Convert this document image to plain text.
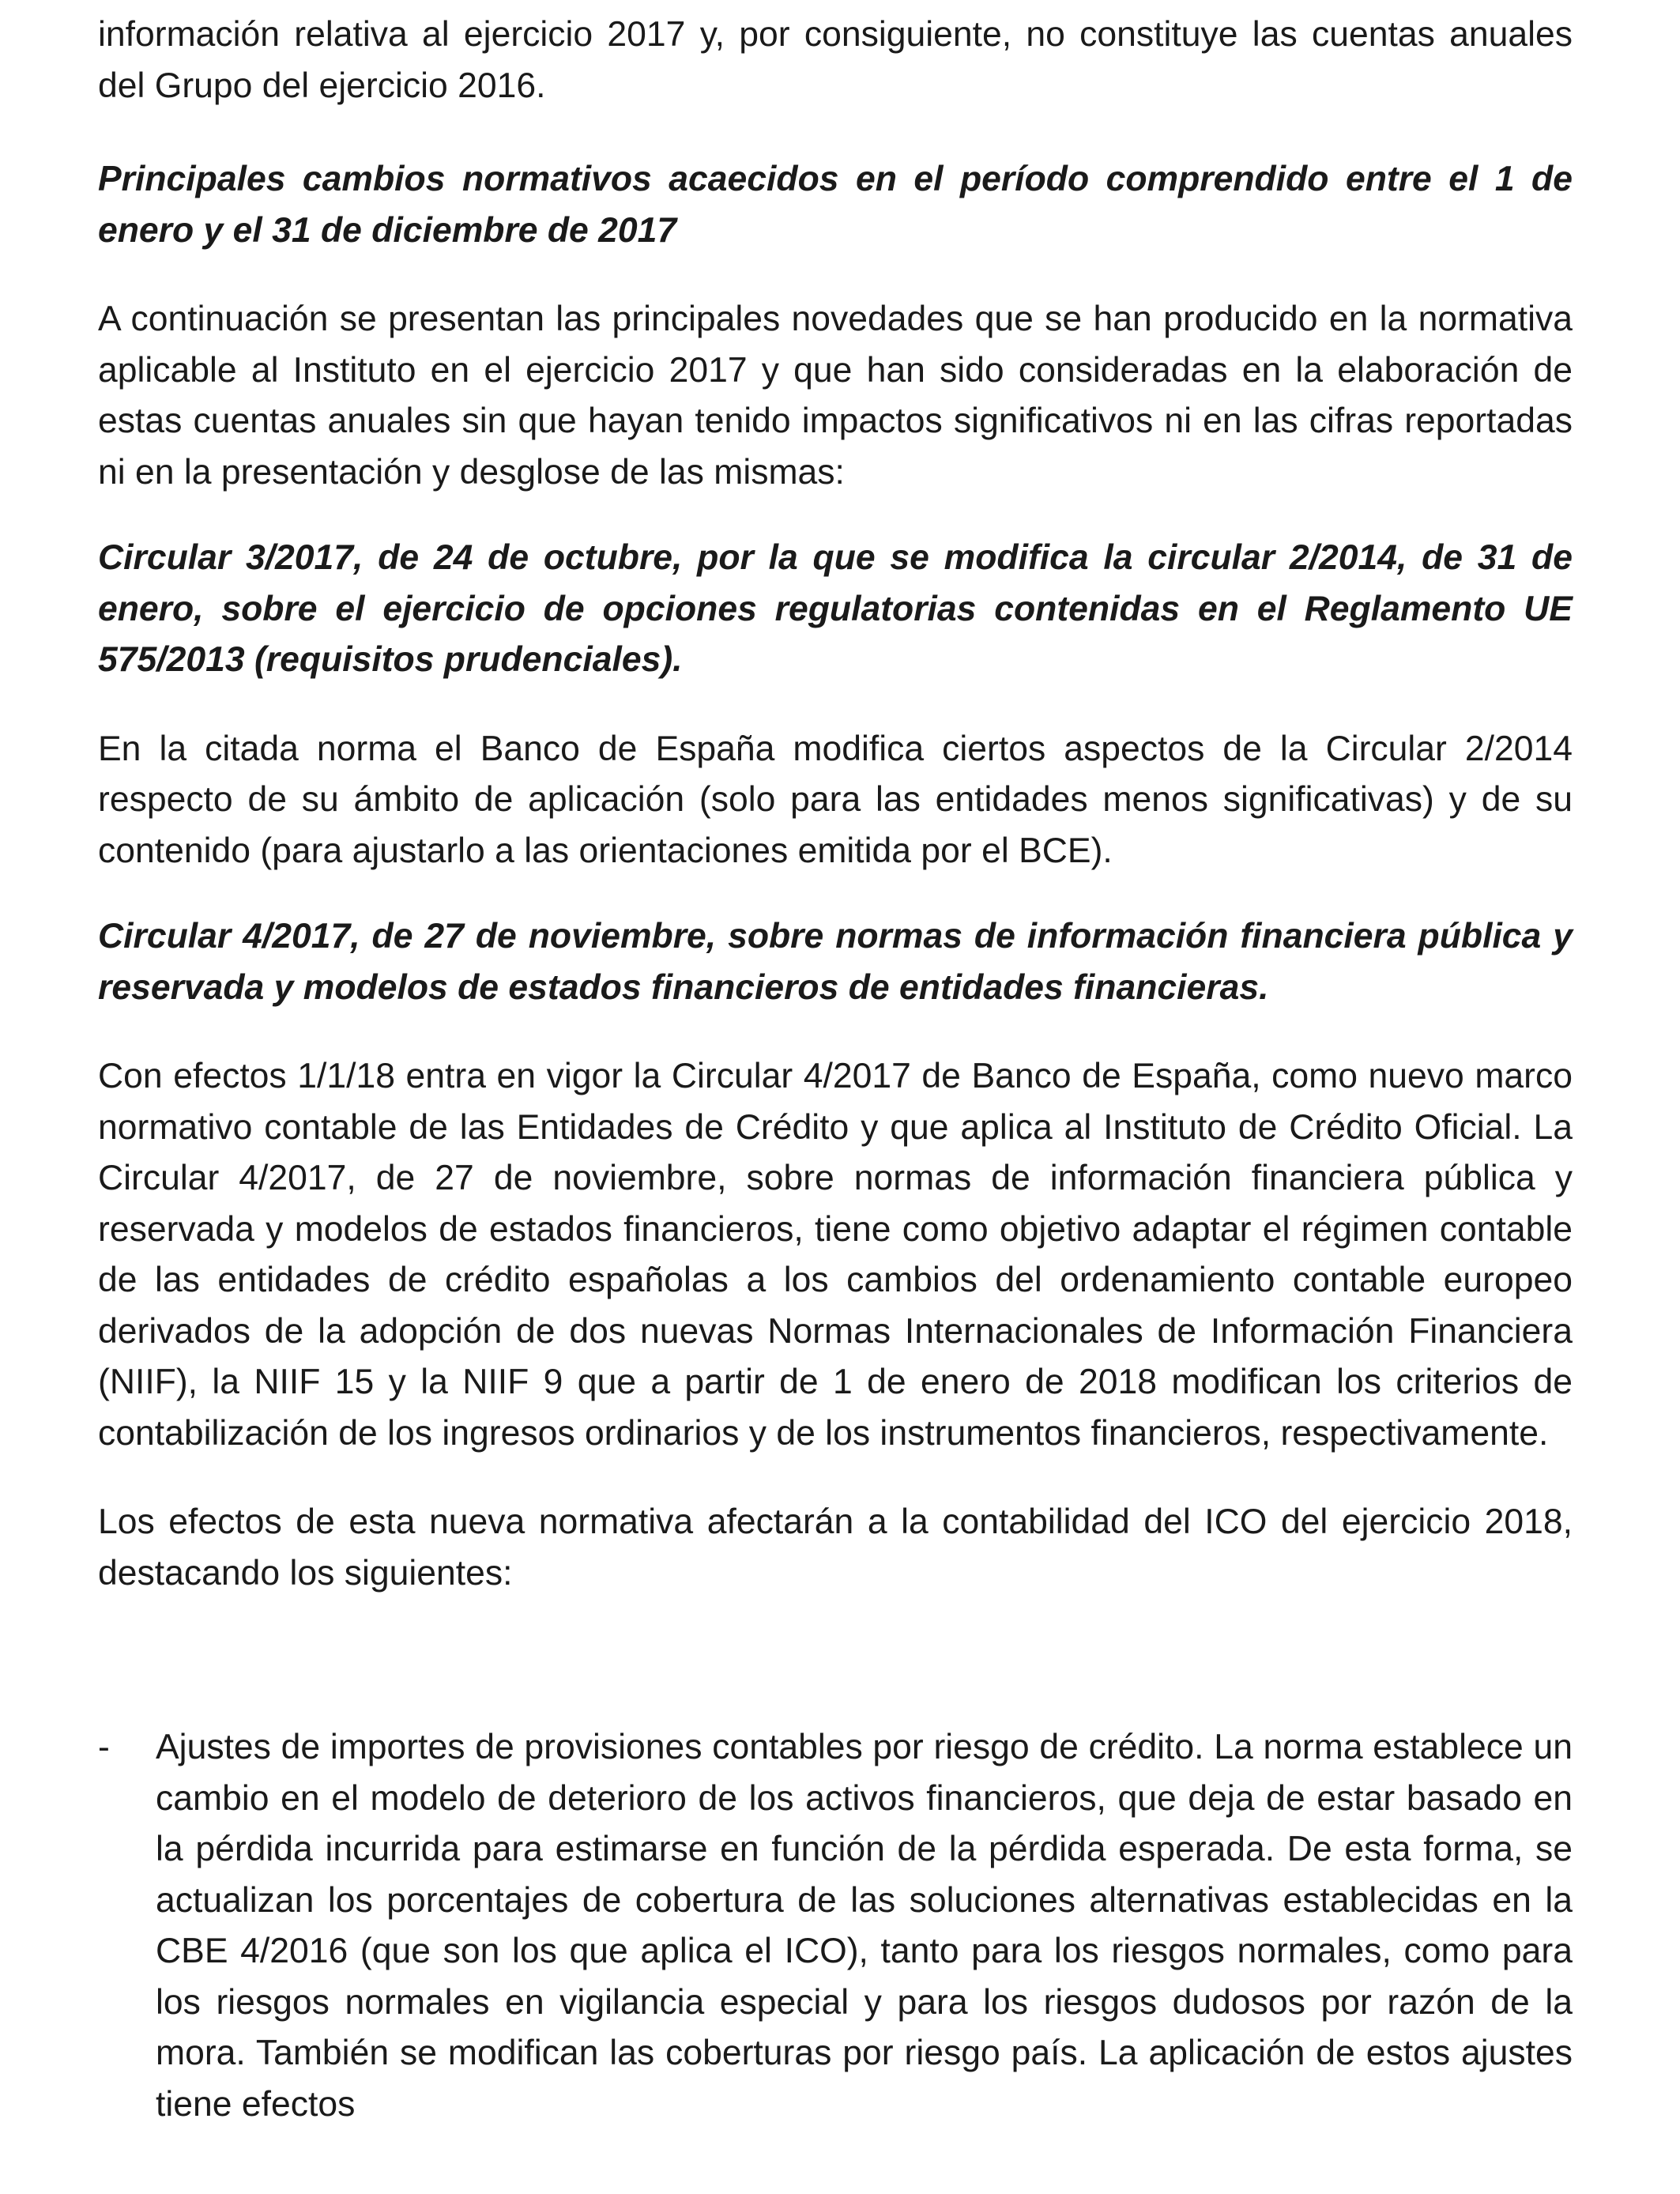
información relativa al ejercicio 2017 y, por consiguiente, no constituye las cuentas anuales del Grupo del ejercicio 2016.

Principales cambios normativos acaecidos en el período comprendido entre el 1 de enero y el 31 de diciembre de 2017

A continuación se presentan las principales novedades que se han producido en la normativa aplicable al Instituto en el ejercicio 2017 y que han sido consideradas en la elaboración de estas cuentas anuales sin que hayan tenido impactos significativos ni en las cifras reportadas ni en la presentación y desglose de las mismas:

Circular 3/2017, de 24 de octubre, por la que se modifica la circular 2/2014, de 31 de enero, sobre el ejercicio de opciones regulatorias contenidas en el Reglamento UE 575/2013 (requisitos prudenciales).

En la citada norma el Banco de España modifica ciertos aspectos de la Circular 2/2014 respecto de su ámbito de aplicación (solo para las entidades menos significativas) y de su contenido (para ajustarlo a las orientaciones emitida por el BCE).

Circular 4/2017, de 27 de noviembre, sobre normas de información financiera pública y reservada y modelos de estados financieros de entidades financieras.

Con efectos 1/1/18 entra en vigor la Circular 4/2017 de Banco de España, como nuevo marco normativo contable de las Entidades de Crédito y que aplica al Instituto de Crédito Oficial. La Circular 4/2017, de 27 de noviembre, sobre normas de información financiera pública y reservada y modelos de estados financieros, tiene como objetivo adaptar el régimen contable de las entidades de crédito españolas a los cambios del ordenamiento contable europeo derivados de la adopción de dos nuevas Normas Internacionales de Información Financiera (NIIF), la NIIF 15 y la NIIF 9 que a partir de 1 de enero de 2018 modifican los criterios de contabilización de los ingresos ordinarios y de los instrumentos financieros, respectivamente.

Los efectos de esta nueva normativa afectarán a la contabilidad del ICO del ejercicio 2018, destacando los siguientes:

- Ajustes de importes de provisiones contables por riesgo de crédito. La norma establece un cambio en el modelo de deterioro de los activos financieros, que deja de estar basado en la pérdida incurrida para estimarse en función de la pérdida esperada. De esta forma, se actualizan los porcentajes de cobertura de las soluciones alternativas establecidas en la CBE 4/2016 (que son los que aplica el ICO), tanto para los riesgos normales, como para los riesgos normales en vigilancia especial y para los riesgos dudosos por razón de la mora. También se modifican las coberturas por riesgo país. La aplicación de estos ajustes tiene efectos
